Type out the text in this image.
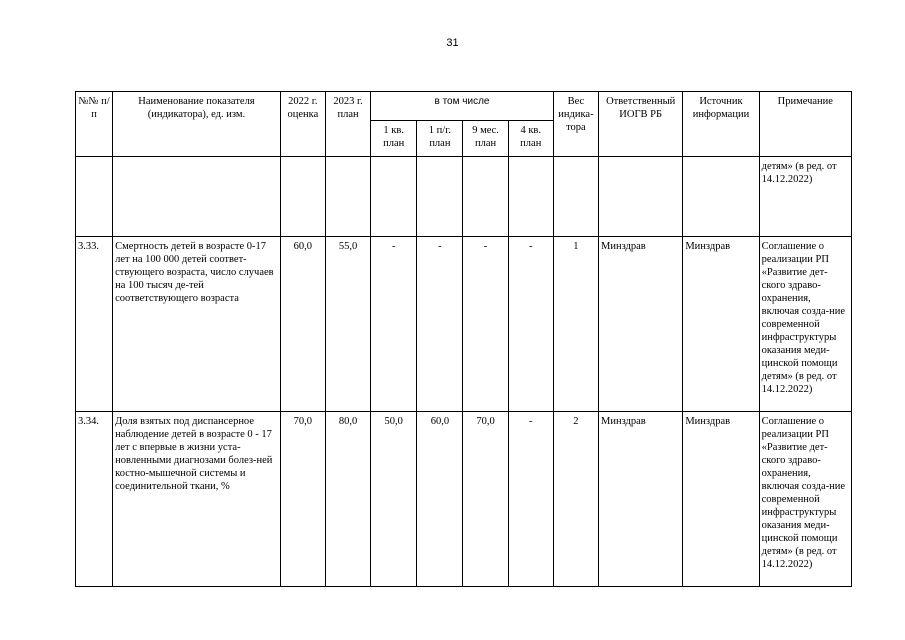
31
№№ п/п	Наименование показателя (индикатора), ед. изм.	2022 г. оценка	2023 г. план	в том числе				Вес индика-тора	Ответственный ИОГВ РБ	Источник информации	Примечание
				1 кв. план	1 п/г. план	9 мес. план	4 кв. план				
											детям» (в ред. от 14.12.2022)
3.33.	Смертность детей в возрасте 0-17 лет на 100 000 детей соответ-ствующего возраста, число случаев на 100 тысяч де-тей соответствующего возраста	60,0	55,0	-	-	-	-	1	Минздрав	Минздрав	Соглашение о реализации РП «Развитие дет-ского здраво-охранения, включая созда-ние современной инфраструктуры оказания меди-цинской помощи детям» (в ред. от 14.12.2022)
3.34.	Доля взятых под диспансерное наблюдение детей в возрасте 0 - 17 лет с впервые в жизни уста-новленными диагнозами болез-ней костно-мышечной системы и соединительной ткани, %	70,0	80,0	50,0	60,0	70,0	-	2	Минздрав	Минздрав	Соглашение о реализации РП «Развитие дет-ского здраво-охранения, включая созда-ние современной инфраструктуры оказания меди-цинской помощи детям» (в ред. от 14.12.2022)
